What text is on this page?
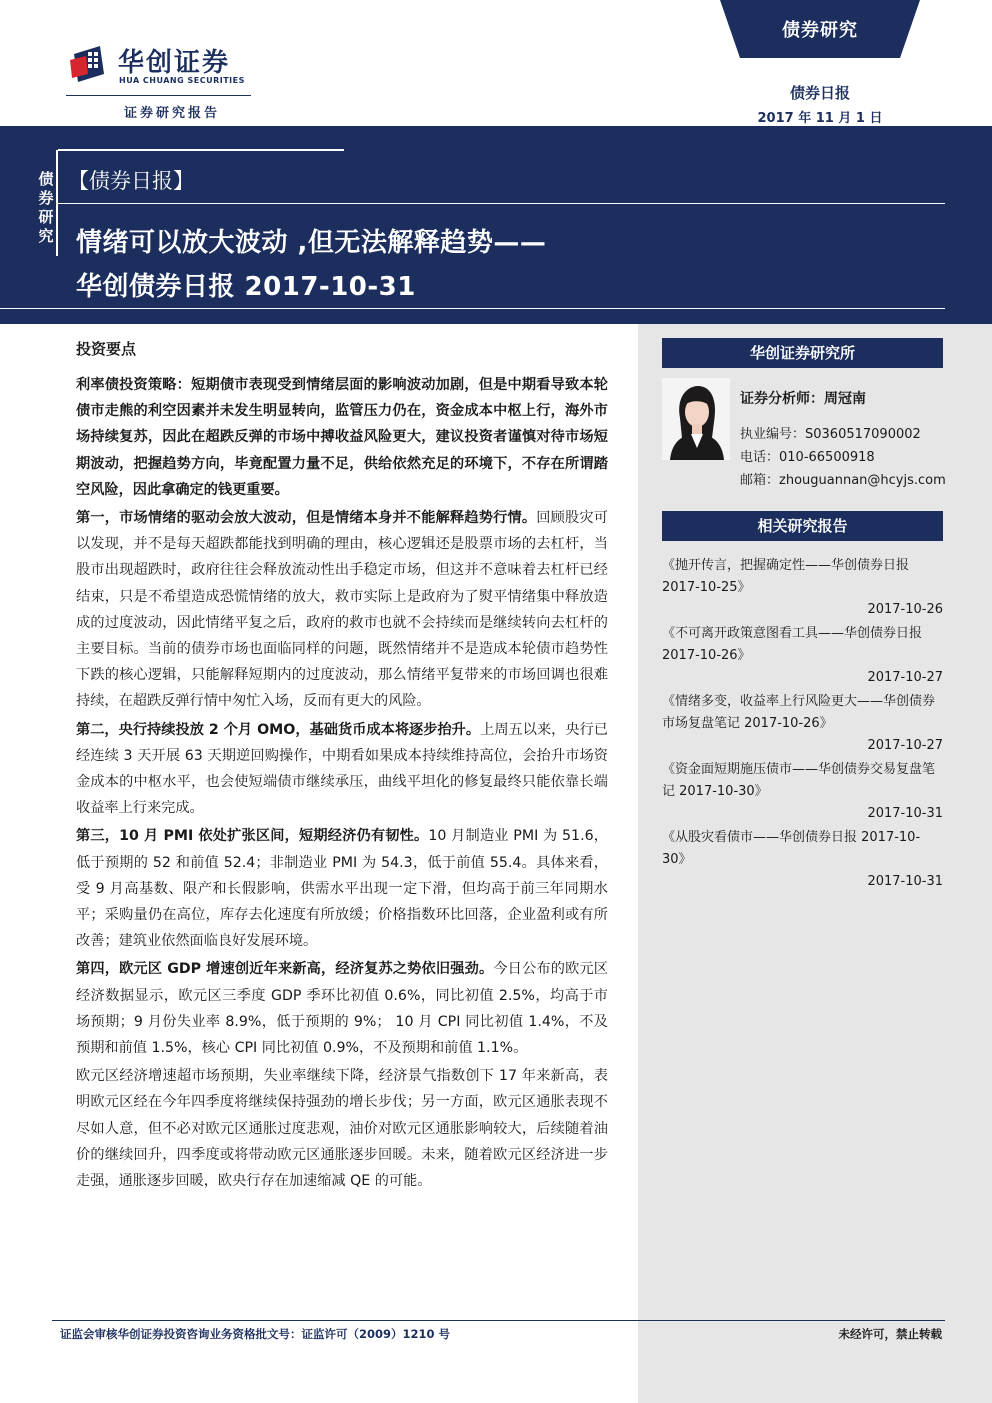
华创证券
HUA CHUANG SECURITIES
证券研究报告
债券研究
债券日报
2017 年 11 月 1 日
债券研究
【债券日报】
情绪可以放大波动 ,但无法解释趋势——
华创债券日报 2017-10-31
华创证券研究所
证券分析师：周冠南
执业编号：S0360517090002
电话：010-66500918
邮箱：zhouguannan@hcyjs.com
相关研究报告
《抛开传言，把握确定性——华创债券日报 2017-10-25》
2017-10-26
《不可离开政策意图看工具——华创债券日报 2017-10-26》
2017-10-27
《情绪多变，收益率上行风险更大——华创债券市场复盘笔记 2017-10-26》
2017-10-27
《资金面短期施压债市——华创债券交易复盘笔记 2017-10-30》
2017-10-31
《从股灾看债市——华创债券日报 2017-10-30》
2017-10-31
投资要点

利率债投资策略：短期债市表现受到情绪层面的影响波动加剧，但是中期看导致本轮债市走熊的利空因素并未发生明显转向，监管压力仍在，资金成本中枢上行，海外市场持续复苏，因此在超跌反弹的市场中搏收益风险更大，建议投资者谨慎对待市场短期波动，把握趋势方向，毕竟配置力量不足，供给依然充足的环境下，不存在所谓踏空风险，因此拿确定的钱更重要。

第一，市场情绪的驱动会放大波动，但是情绪本身并不能解释趋势行情。回顾股灾可以发现，并不是每天超跌都能找到明确的理由，核心逻辑还是股票市场的去杠杆，当股市出现超跌时，政府往往会释放流动性出手稳定市场，但这并不意味着去杠杆已经结束，只是不希望造成恐慌情绪的放大，救市实际上是政府为了熨平情绪集中释放造成的过度波动，因此情绪平复之后，政府的救市也就不会持续而是继续转向去杠杆的主要目标。当前的债券市场也面临同样的问题，既然情绪并不是造成本轮债市趋势性下跌的核心逻辑，只能解释短期内的过度波动，那么情绪平复带来的市场回调也很难持续，在超跌反弹行情中匆忙入场，反而有更大的风险。

第二，央行持续投放 2 个月 OMO，基础货币成本将逐步抬升。上周五以来，央行已经连续 3 天开展 63 天期逆回购操作，中期看如果成本持续维持高位，会抬升市场资金成本的中枢水平，也会使短端债市继续承压，曲线平坦化的修复最终只能依靠长端收益率上行来完成。

第三，10 月 PMI 依处扩张区间，短期经济仍有韧性。10 月制造业 PMI 为 51.6，低于预期的 52 和前值 52.4；非制造业 PMI 为 54.3，低于前值 55.4。具体来看，受 9 月高基数、限产和长假影响，供需水平出现一定下滑，但均高于前三年同期水平；采购量仍在高位，库存去化速度有所放缓；价格指数环比回落，企业盈利或有所改善；建筑业依然面临良好发展环境。

第四，欧元区 GDP 增速创近年来新高，经济复苏之势依旧强劲。今日公布的欧元区经济数据显示，欧元区三季度 GDP 季环比初值 0.6%，同比初值 2.5%，均高于市场预期；9 月份失业率 8.9%，低于预期的 9%； 10 月 CPI 同比初值 1.4%，不及预期和前值 1.5%，核心 CPI 同比初值 0.9%，不及预期和前值 1.1%。

欧元区经济增速超市场预期，失业率继续下降，经济景气指数创下 17 年来新高，表明欧元区经在今年四季度将继续保持强劲的增长步伐；另一方面，欧元区通胀表现不尽如人意，但不必对欧元区通胀过度悲观，油价对欧元区通胀影响较大，后续随着油价的继续回升，四季度或将带动欧元区通胀逐步回暖。未来，随着欧元区经济进一步走强，通胀逐步回暖，欧央行存在加速缩减 QE 的可能。

证监会审核华创证券投资咨询业务资格批文号：证监许可（2009）1210 号	未经许可，禁止转载
